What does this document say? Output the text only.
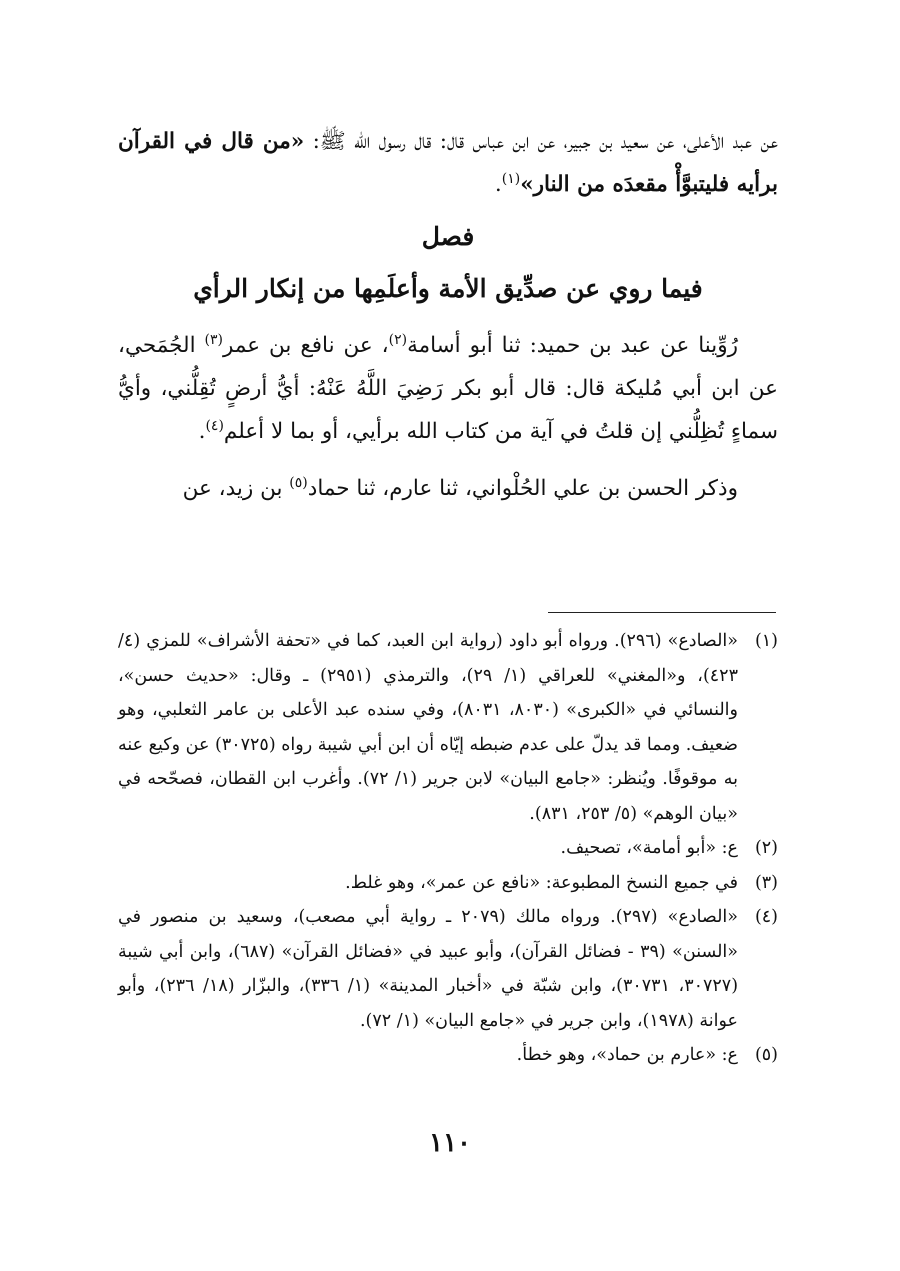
عن عبد الأعلى، عن سعيد بن جبير، عن ابن عباس قال: قال رسول الله ﷺ: «من قال في القرآن برأيه فليتبوَّأْ مقعدَه من النار»$^{(١)}$.

فصل
فيما روي عن صدِّيق الأمة وأعلَمِها من إنكار الرأي

رُوِّينا عن عبد بن حميد: ثنا أبو أسامة$^{(٢)}$، عن نافع بن عمر$^{(٣)}$ الجُمَحي، عن ابن أبي مُليكة قال: قال أبو بكر رَضِيَ اللَّهُ عَنْهُ: أيُّ أرضٍ تُقِلُّني، وأيُّ سماءٍ تُظِلُّني إن قلتُ في آية من كتاب الله برأيي، أو بما لا أعلم$^{(٤)}$.

وذكر الحسن بن علي الحُلْواني، ثنا عارم، ثنا حماد$^{(٥)}$ بن زيد، عن

(١)
«الصادع» (٢٩٦). ورواه أبو داود (رواية ابن العبد، كما في «تحفة الأشراف» للمزي (٤/ ٤٢٣)، و«المغني» للعراقي (١/ ٢٩)، والترمذي (٢٩٥١) ـ وقال: «حديث حسن»، والنسائي في «الكبرى» (٨٠٣٠، ٨٠٣١)، وفي سنده عبد الأعلى بن عامر الثعلبي، وهو ضعيف. ومما قد يدلّ على عدم ضبطه إيّاه أن ابن أبي شيبة رواه (٣٠٧٢٥) عن وكيع عنه به موقوفًا. ويُنظر: «جامع البيان» لابن جرير (١/ ٧٢). وأغرب ابن القطان، فصحّحه في «بيان الوهم» (٥/ ٢٥٣، ٨٣١).
(٢)
ع: «أبو أمامة»، تصحيف.
(٣)
في جميع النسخ المطبوعة: «نافع عن عمر»، وهو غلط.
(٤)
«الصادع» (٢٩٧). ورواه مالك (٢٠٧٩ ـ رواية أبي مصعب)، وسعيد بن منصور في «السنن» (٣٩ - فضائل القرآن)، وأبو عبيد في «فضائل القرآن» (٦٨٧)، وابن أبي شيبة (٣٠٧٢٧، ٣٠٧٣١)، وابن شبّة في «أخبار المدينة» (١/ ٣٣٦)، والبزّار (١٨/ ٢٣٦)، وأبو عوانة (١٩٧٨)، وابن جرير في «جامع البيان» (١/ ٧٢).
(٥)
ع: «عارم بن حماد»، وهو خطأ.
١١٠
